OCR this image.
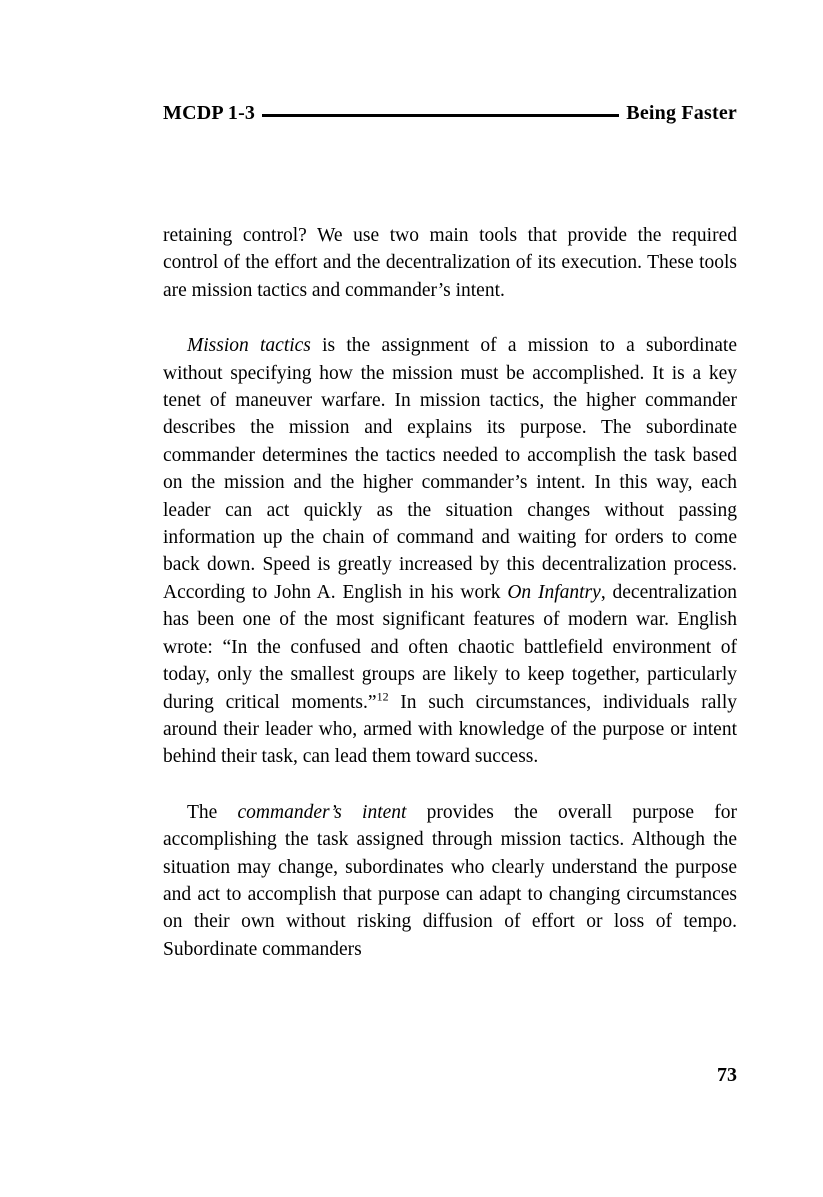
MCDP 1-3	Being Faster

retaining control? We use two main tools that provide the required control of the effort and the decentralization of its execution. These tools are mission tactics and commander’s intent.

Mission tactics is the assignment of a mission to a subordinate without specifying how the mission must be accomplished. It is a key tenet of maneuver warfare. In mission tactics, the higher commander describes the mission and explains its purpose. The subordinate commander determines the tactics needed to accomplish the task based on the mission and the higher commander’s intent. In this way, each leader can act quickly as the situation changes without passing information up the chain of command and waiting for orders to come back down. Speed is greatly increased by this decentralization process. According to John A. English in his work On Infantry, decentralization has been one of the most significant features of modern war. English wrote: “In the confused and often chaotic battlefield environment of today, only the smallest groups are likely to keep together, particularly during critical moments.”$^{12}$ In such circumstances, individuals rally around their leader who, armed with knowledge of the purpose or intent behind their task, can lead them toward success.

The commander’s intent provides the overall purpose for accomplishing the task assigned through mission tactics. Although the situation may change, subordinates who clearly understand the purpose and act to accomplish that purpose can adapt to changing circumstances on their own without risking diffusion of effort or loss of tempo. Subordinate commanders

73
